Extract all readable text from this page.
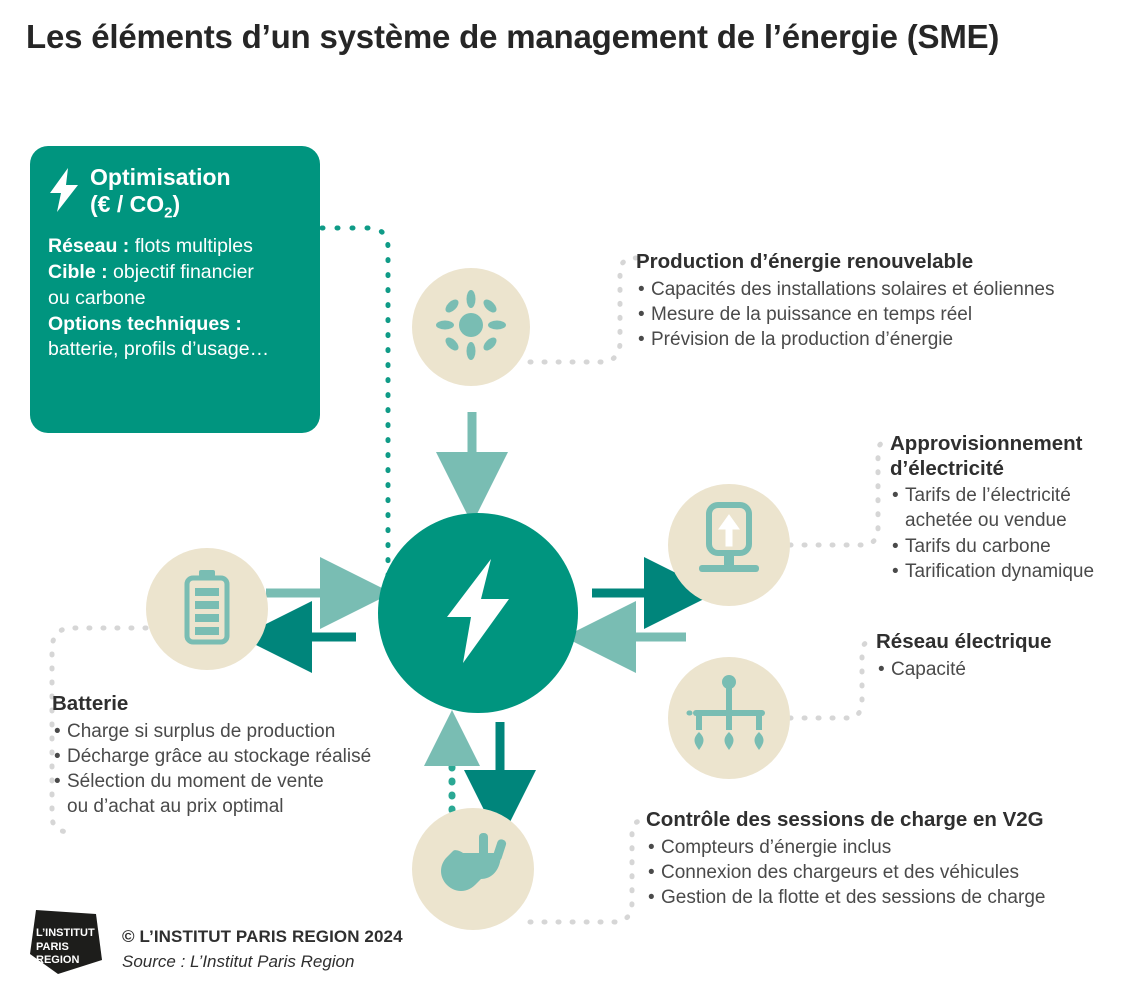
Les éléments d’un système de management de l’énergie (SME)
Optimisation
(€ / $CO_2$)
Réseau : flots multiples
Cible : objectif financier
ou carbone
Options techniques :
batterie, profils d’usage…
Production d’énergie renouvelable
• Capacités des installations solaires et éoliennes
• Mesure de la puissance en temps réel
• Prévision de la production d’énergie
Approvisionnement
d’électricité
• Tarifs de l’électricité
achetée ou vendue
• Tarifs du carbone
• Tarification dynamique
Réseau électrique
• Capacité
Contrôle des sessions de charge en V2G
• Compteurs d’énergie inclus
• Connexion des chargeurs et des véhicules
• Gestion de la flotte et des sessions de charge
Batterie
• Charge si surplus de production
• Décharge grâce au stockage réalisé
• Sélection du moment de vente
ou d’achat au prix optimal
L’INSTITUT
PARIS
REGION
© L’INSTITUT PARIS REGION 2024
Source : L’Institut Paris Region
